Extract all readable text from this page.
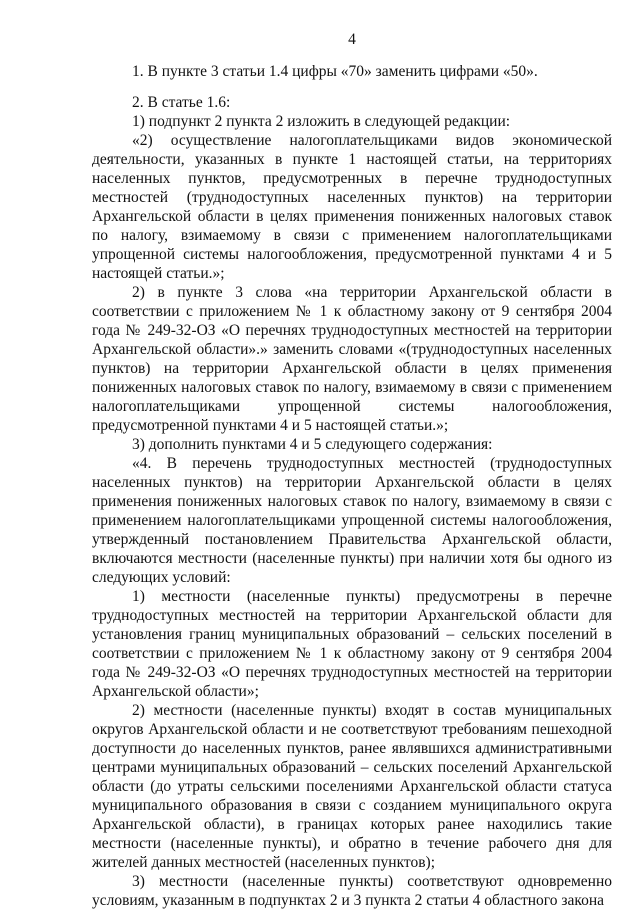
4

1. В пункте 3 статьи 1.4 цифры «70» заменить цифрами «50».

2. В статье 1.6:

1) подпункт 2 пункта 2 изложить в следующей редакции:

«2) осуществление налогоплательщиками видов экономической деятельности, указанных в пункте 1 настоящей статьи, на территориях населенных пунктов, предусмотренных в перечне труднодоступных местностей (труднодоступных населенных пунктов) на территории Архангельской области в целях применения пониженных налоговых ставок по налогу, взимаемому в связи с применением налогоплательщиками упрощенной системы налогообложения, предусмотренной пунктами 4 и 5 настоящей статьи.»;

2) в пункте 3 слова «на территории Архангельской области в соответствии с приложением № 1 к областному закону от 9 сентября 2004 года № 249-32-ОЗ «О перечнях труднодоступных местностей на территории Архангельской области».» заменить словами «(труднодоступных населенных пунктов) на территории Архангельской области в целях применения пониженных налоговых ставок по налогу, взимаемому в связи с применением налогоплательщиками упрощенной системы налогообложения, предусмотренной пунктами 4 и 5 настоящей статьи.»;

3) дополнить пунктами 4 и 5 следующего содержания:

«4. В перечень труднодоступных местностей (труднодоступных населенных пунктов) на территории Архангельской области в целях применения пониженных налоговых ставок по налогу, взимаемому в связи с применением налогоплательщиками упрощенной системы налогообложения, утвержденный постановлением Правительства Архангельской области, включаются местности (населенные пункты) при наличии хотя бы одного из следующих условий:

1) местности (населенные пункты) предусмотрены в перечне труднодоступных местностей на территории Архангельской области для установления границ муниципальных образований – сельских поселений в соответствии с приложением № 1 к областному закону от 9 сентября 2004 года № 249-32-ОЗ «О перечнях труднодоступных местностей на территории Архангельской области»;

2) местности (населенные пункты) входят в состав муниципальных округов Архангельской области и не соответствуют требованиям пешеходной доступности до населенных пунктов, ранее являвшихся административными центрами муниципальных образований – сельских поселений Архангельской области (до утраты сельскими поселениями Архангельской области статуса муниципального образования в связи с созданием муниципального округа Архангельской области), в границах которых ранее находились такие местности (населенные пункты), и обратно в течение рабочего дня для жителей данных местностей (населенных пунктов);

3) местности (населенные пункты) соответствуют одновременно условиям, указанным в подпунктах 2 и 3 пункта 2 статьи 4 областного закона
